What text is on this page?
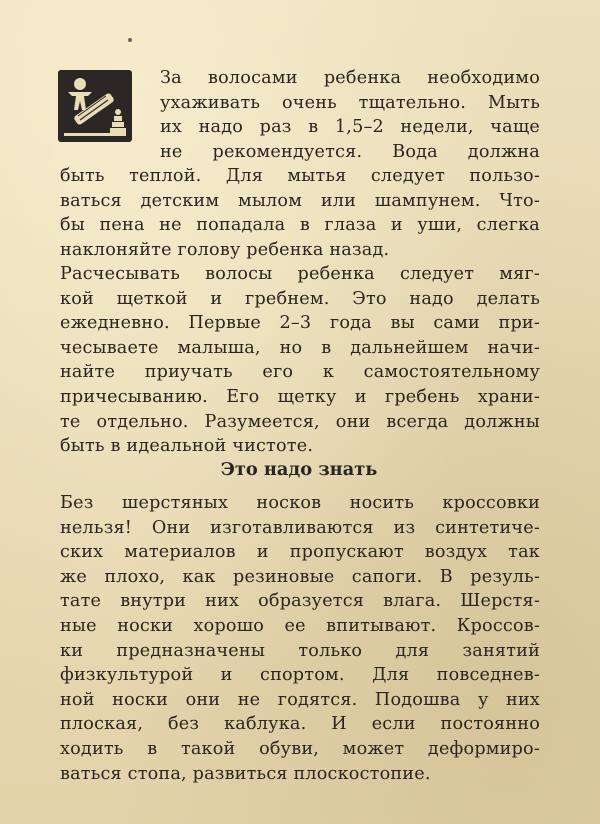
За волосами ребенка необходимо
ухаживать очень тщательно. Мыть
их надо раз в 1,5–2 недели, чаще
не рекомендуется. Вода должна
быть теплой. Для мытья следует пользо-
ваться детским мылом или шампунем. Что-
бы пена не попадала в глаза и уши, слегка
наклоняйте голову ребенка назад.
Расчесывать волосы ребенка следует мяг-
кой щеткой и гребнем. Это надо делать
ежедневно. Первые 2–3 года вы сами при-
чесываете малыша, но в дальнейшем начи-
найте приучать его к самостоятельному
причесыванию. Его щетку и гребень храни-
те отдельно. Разумеется, они всегда должны
быть в идеальной чистоте.
Это надо знать
Без шерстяных носков носить кроссовки
нельзя! Они изготавливаются из синтетиче-
ских материалов и пропускают воздух так
же плохо, как резиновые сапоги. В резуль-
тате внутри них образуется влага. Шерстя-
ные носки хорошо ее впитывают. Кроссов-
ки предназначены только для занятий
физкультурой и спортом. Для повседнев-
ной носки они не годятся. Подошва у них
плоская, без каблука. И если постоянно
ходить в такой обуви, может деформиро-
ваться стопа, развиться плоскостопие.
